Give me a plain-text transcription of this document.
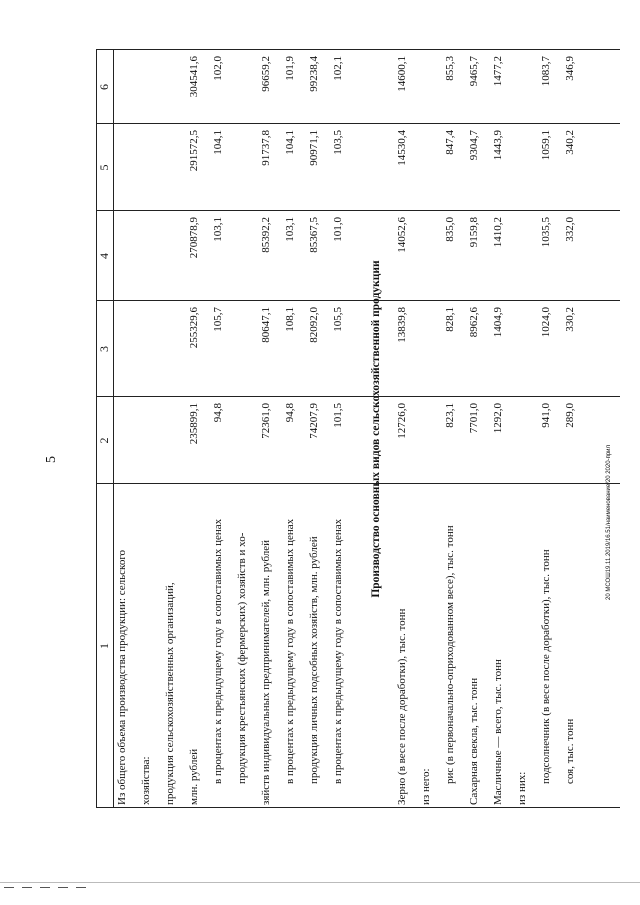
5
1
2
3
4
5
6
Из общего объема производства продукции: сельского хозяйства: продукция сельскохозяйственных организаций, млн. рублей
235899,1
255329,6
270878,9
291572,5
304541,6
в процентах к предыдущему году в сопоставимых ценах
94,8
105,7
103,1
104,1
102,0
продукция крестьянских (фермерских) хозяйств и хо- зяйств индивидуальных предпринимателей, млн. рублей
72361,0
80647,1
85392,2
91737,8
96659,2
в процентах к предыдущему году в сопоставимых ценах
94,8
108,1
103,1
104,1
101,9
продукция личных подсобных хозяйств, млн. рублей
74207,9
82092,0
85367,5
90971,1
99238,4
в процентах к предыдущему году в сопоставимых ценах
101,5
105,5
101,0
103,5
102,1
Производство основных видов сельскохозяйственной продукции
Зерно (в весе после доработки), тыс. тонн
12726,0
13839,8
14052,6
14530,4
14600,1
из него:
рис (в первоначально-оприходованном весе), тыс. тонн
823,1
828,1
835,0
847,4
855,3
Сахарная свекла, тыс. тонн
7701,0
8962,6
9159,8
9304,7
9465,7
Масличные — всего, тыс. тонн
1292,0
1404,9
1410,2
1443,9
1477,2
из них:
подсолнечник (в весе после доработки), тыс. тонн
941,0
1024,0
1035,5
1059,1
1083,7
соя, тыс. тонн
289,0
330,2
332,0
340,2
346,9
20 МСОШ19.11.2019/16.51/наименование/20 2020-прил
